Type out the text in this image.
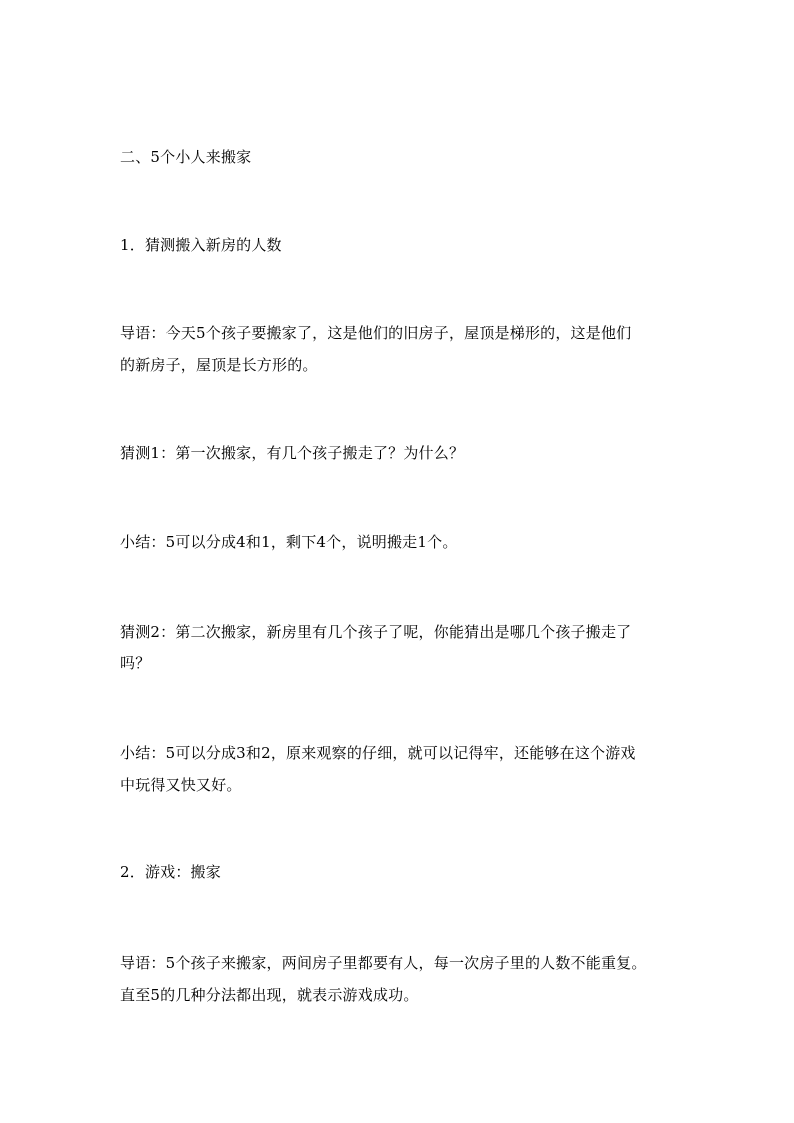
二、5个小人来搬家
1．猜测搬入新房的人数
导语：今天5个孩子要搬家了，这是他们的旧房子，屋顶是梯形的，这是他们
的新房子，屋顶是长方形的。
猜测1：第一次搬家，有几个孩子搬走了？为什么？
小结：5可以分成4和1，剩下4个，说明搬走1个。
猜测2：第二次搬家，新房里有几个孩子了呢，你能猜出是哪几个孩子搬走了
吗？
小结：5可以分成3和2，原来观察的仔细，就可以记得牢，还能够在这个游戏
中玩得又快又好。
2．游戏：搬家
导语：5个孩子来搬家，两间房子里都要有人，每一次房子里的人数不能重复。
直至5的几种分法都出现，就表示游戏成功。
